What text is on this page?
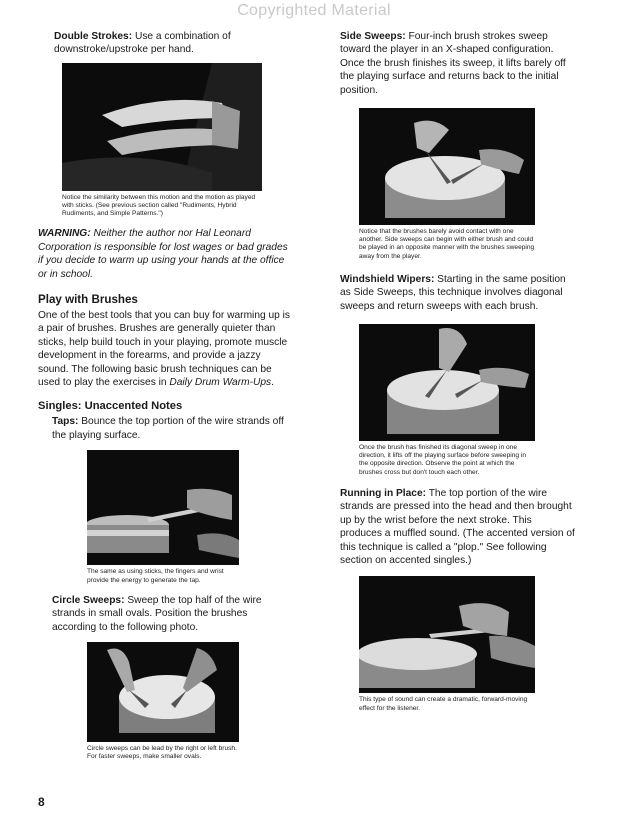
Copyrighted Material

Double Strokes: Use a combination of downstroke/upstroke per hand.

Notice the similarity between this motion and the motion as played with sticks. (See previous section called "Rudiments, Hybrid Rudiments, and Simple Patterns.")

WARNING: Neither the author nor Hal Leonard Corporation is responsible for lost wages or bad grades if you decide to warm up using your hands at the office or in school.

Play with Brushes

One of the best tools that you can buy for warming up is a pair of brushes. Brushes are generally quieter than sticks, help build touch in your playing, promote muscle development in the forearms, and provide a jazzy sound. The following basic brush techniques can be used to play the exercises in Daily Drum Warm-Ups.

Singles: Unaccented Notes

Taps: Bounce the top portion of the wire strands off the playing surface.

The same as using sticks, the fingers and wrist provide the energy to generate the tap.

Circle Sweeps: Sweep the top half of the wire strands in small ovals. Position the brushes according to the following photo.

Circle sweeps can be lead by the right or left brush. For faster sweeps, make smaller ovals.

Side Sweeps: Four-inch brush strokes sweep toward the player in an X-shaped configuration. Once the brush finishes its sweep, it lifts barely off the playing surface and returns back to the initial position.

Notice that the brushes barely avoid contact with one another. Side sweeps can begin with either brush and could be played in an opposite manner with the brushes sweeping away from the player.

Windshield Wipers: Starting in the same position as Side Sweeps, this technique involves diagonal sweeps and return sweeps with each brush.

Once the brush has finished its diagonal sweep in one direction, it lifts off the playing surface before sweeping in the opposite direction. Observe the point at which the brushes cross but don't touch each other.

Running in Place: The top portion of the wire strands are pressed into the head and then brought up by the wrist before the next stroke. This produces a muffled sound. (The accented version of this technique is called a "plop." See following section on accented singles.)

This type of sound can create a dramatic, forward-moving effect for the listener.
8
